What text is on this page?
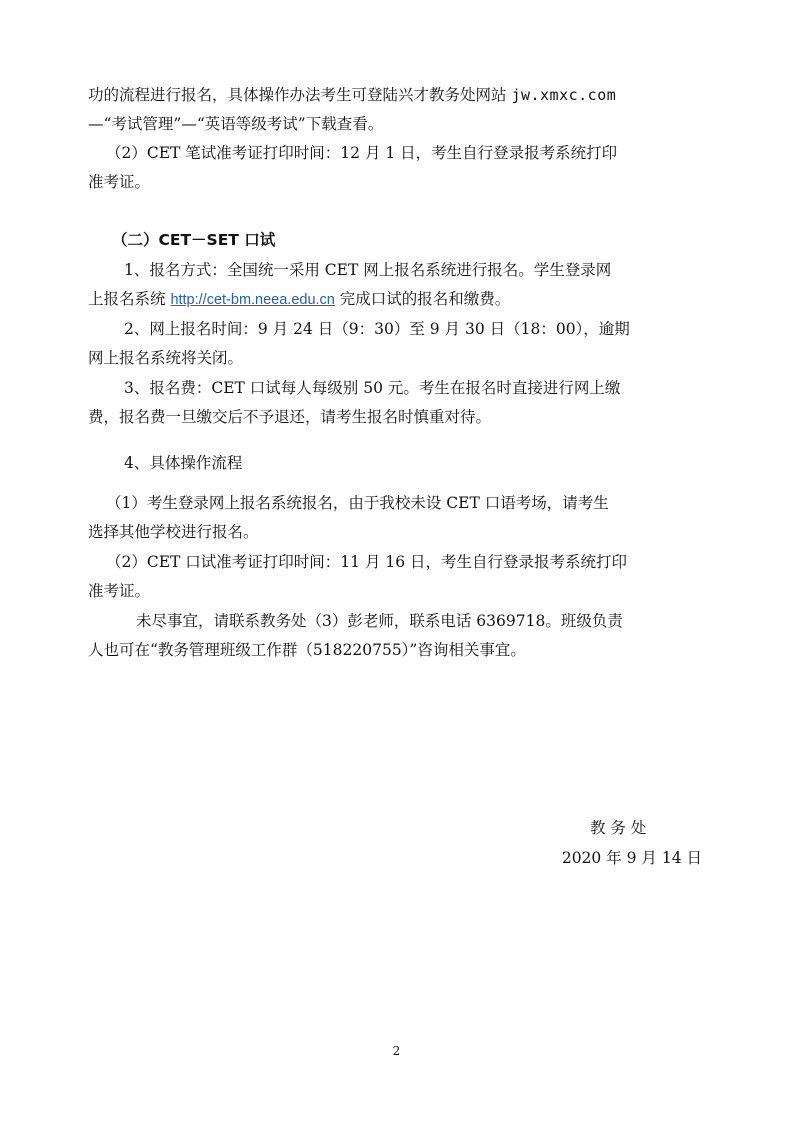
功的流程进行报名，具体操作办法考生可登陆兴才教务处网站 jw.xmxc.com
—“考试管理”—“英语等级考试”下载查看。
（2）CET 笔试准考证打印时间：12 月 1 日，考生自行登录报考系统打印
准考证。
（二）CET－SET 口试
1、报名方式：全国统一采用 CET 网上报名系统进行报名。学生登录网
上报名系统 http://cet-bm.neea.edu.cn 完成口试的报名和缴费。
2、网上报名时间：9 月 24 日（9：30）至 9 月 30 日（18：00），逾期
网上报名系统将关闭。
3、报名费：CET 口试每人每级别 50 元。考生在报名时直接进行网上缴
费，报名费一旦缴交后不予退还，请考生报名时慎重对待。
4、具体操作流程
（1）考生登录网上报名系统报名，由于我校未设 CET 口语考场，请考生
选择其他学校进行报名。
（2）CET 口试准考证打印时间：11 月 16 日，考生自行登录报考系统打印
准考证。
未尽事宜，请联系教务处（3）彭老师，联系电话 6369718。班级负责
人也可在“教务管理班级工作群（518220755）”咨询相关事宜。
教 务 处
2020 年 9 月 14 日
2
